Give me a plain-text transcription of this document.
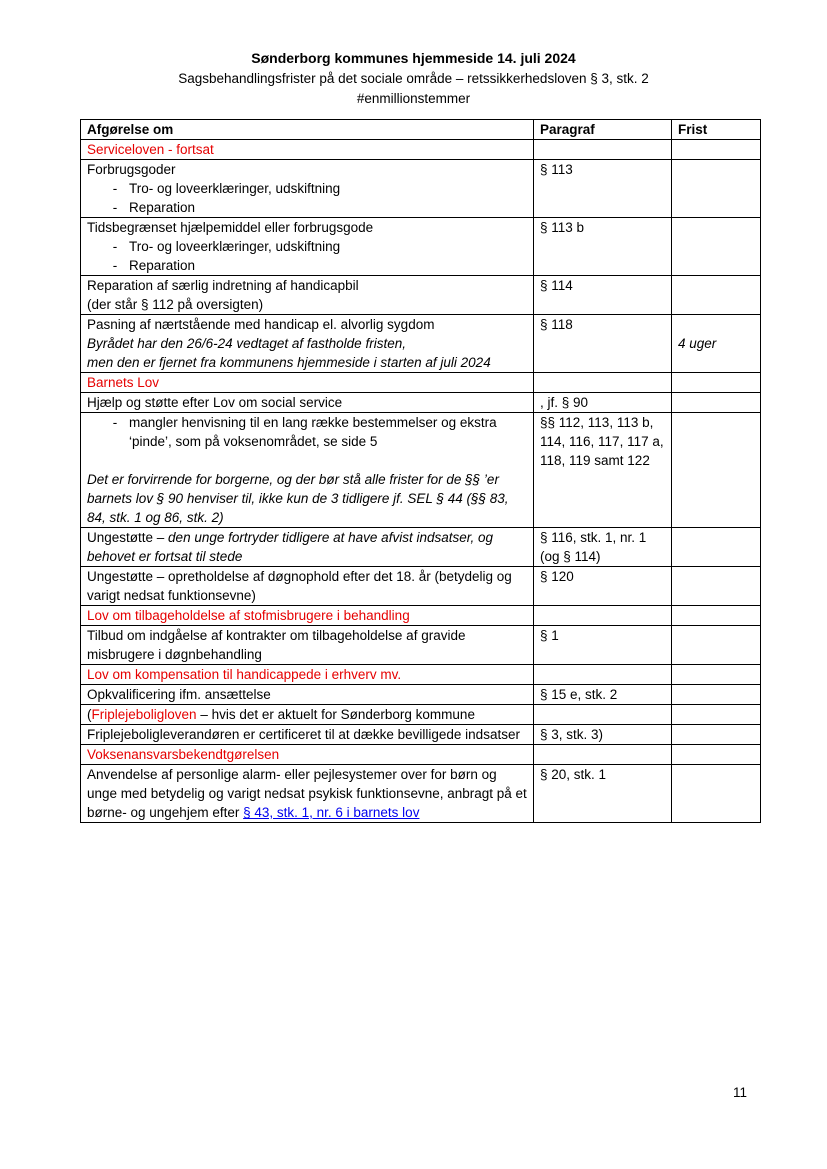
Sønderborg kommunes hjemmeside 14. juli 2024
Sagsbehandlingsfrister på det sociale område – retssikkerhedsloven § 3, stk. 2
#enmillionstemmer
Afgørelse om	Paragraf	Frist
Serviceloven - fortsat		

Forbrugsgoder
- Tro- og loveerklæringer, udskiftning
- Reparation	§ 113	

Tidsbegrænset hjælpemiddel eller forbrugsgode
- Tro- og loveerklæringer, udskiftning
- Reparation	§ 113 b	

Reparation af særlig indretning af handicapbil
(der står § 112 på oversigten)	§ 114	

Pasning af nærtstående med handicap el. alvorlig sygdom
Byrådet har den 26/6-24 vedtaget af fastholde fristen,
men den er fjernet fra kommunens hjemmeside i starten af juli 2024	§ 118	4 uger
Barnets Lov		
Hjælp og støtte efter Lov om social service	, jf. § 90	

- mangler henvisning til en lang række bestemmelser og ekstra ‘pinde’, som på voksenområdet, se side 5
Det er forvirrende for borgerne, og der bør stå alle frister for de §§ ’er barnets lov § 90 henviser til, ikke kun de 3 tidligere jf. SEL § 44 (§§ 83, 84, stk. 1 og 86, stk. 2)	§§ 112, 113, 113 b, 114, 116, 117, 117 a, 118, 119 samt 122	
Ungestøtte – den unge fortryder tidligere at have afvist indsatser, og behovet er fortsat til stede	§ 116, stk. 1, nr. 1 (og § 114)	
Ungestøtte – opretholdelse af døgnophold efter det 18. år (betydelig og varigt nedsat funktionsevne)	§ 120	
Lov om tilbageholdelse af stofmisbrugere i behandling		
Tilbud om indgåelse af kontrakter om tilbageholdelse af gravide misbrugere i døgnbehandling	§ 1	
Lov om kompensation til handicappede i erhverv mv.		
Opkvalificering ifm. ansættelse	§ 15 e, stk. 2	
(Friplejeboligloven – hvis det er aktuelt for Sønderborg kommune		
Friplejeboligleverandøren er certificeret til at dække bevilligede indsatser	§ 3, stk. 3)	
Voksenansvarsbekendtgørelsen		
Anvendelse af personlige alarm- eller pejlesystemer over for børn og unge med betydelig og varigt nedsat psykisk funktionsevne, anbragt på et børne- og ungehjem efter § 43, stk. 1, nr. 6 i barnets lov	§ 20, stk. 1	
11
